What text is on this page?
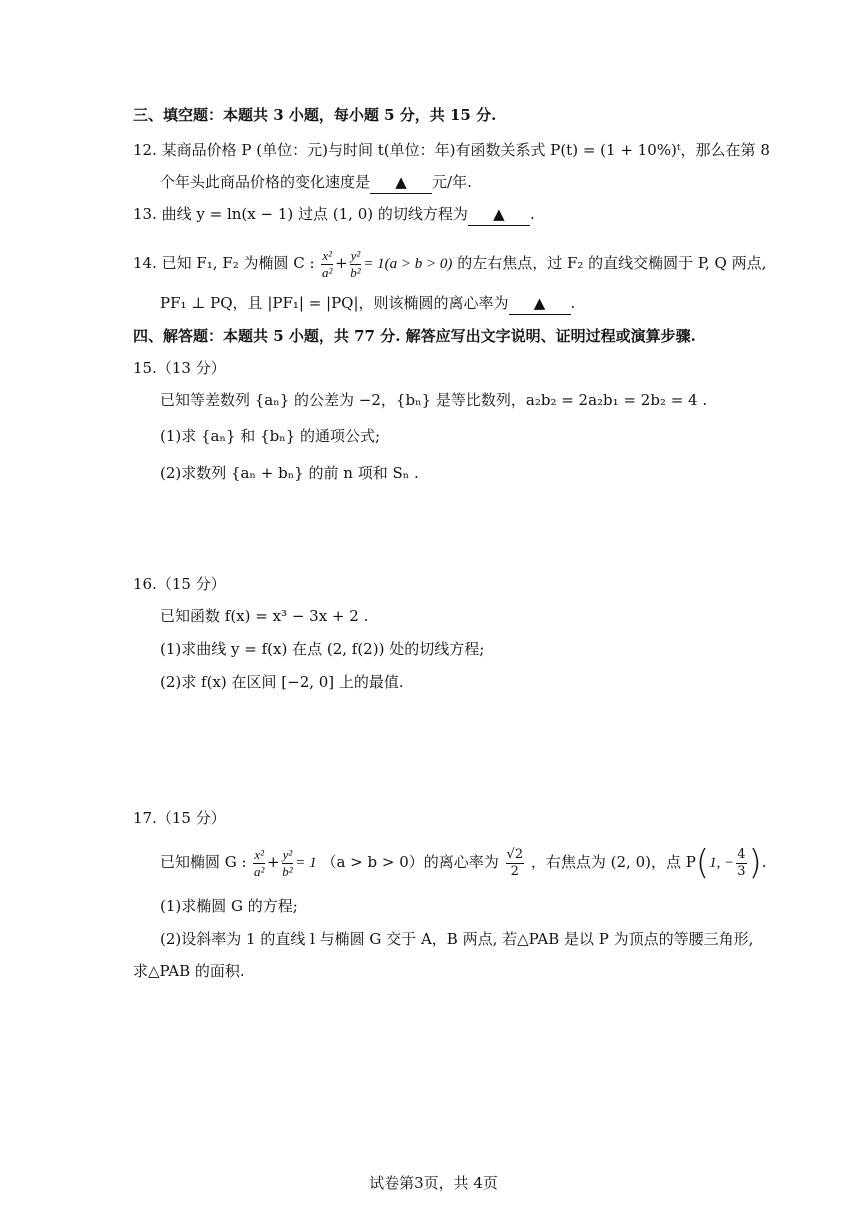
三、填空题：本题共 3 小题，每小题 5 分，共 15 分.
12. 某商品价格 P (单位：元)与时间 t(单位：年)有函数关系式 P(t) = (1 + 10%)ᵗ，那么在第 8
个年头此商品价格的变化速度是 ▲ 元/年.
13. 曲线 y = ln(x − 1) 过点 (1, 0) 的切线方程为 ▲ .
14. 已知 F₁, F₂ 为椭圆 C : $\frac{\text{x²}}{\text{a²}} + \frac{\text{y²}}{\text{b²}} = 1(a > b > 0)$ 的左右焦点，过 F₂ 的直线交椭圆于 P, Q 两点,
PF₁ ⊥ PQ，且 |PF₁| = |PQ|，则该椭圆的离心率为 ▲ .
四、解答题：本题共 5 小题，共 77 分. 解答应写出文字说明、证明过程或演算步骤.
15.（13 分）
已知等差数列 {aₙ} 的公差为 −2，{bₙ} 是等比数列，a₂b₂ = 2a₂b₁ = 2b₂ = 4 .
(1)求 {aₙ} 和 {bₙ} 的通项公式;
(2)求数列 {aₙ + bₙ} 的前 n 项和 Sₙ .
16.（15 分）
已知函数 f(x) = x³ − 3x + 2 .
(1)求曲线 y = f(x) 在点 (2, f(2)) 处的切线方程;
(2)求 f(x) 在区间 [−2, 0] 上的最值.
17.（15 分）
已知椭圆 G : $\frac{\text{x²}}{\text{a²}} + \frac{\text{y²}}{\text{b²}} = 1$ （a > b > 0）的离心率为 $\frac{√2}{2}$ ，右焦点为 (2, 0)，点 P(1, − $\frac{4}{3}$ ).
(1)求椭圆 G 的方程;
(2)设斜率为 1 的直线 l 与椭圆 G 交于 A，B 两点, 若△PAB 是以 P 为顶点的等腰三角形,
求△PAB 的面积.
试卷第3页，共 4页
